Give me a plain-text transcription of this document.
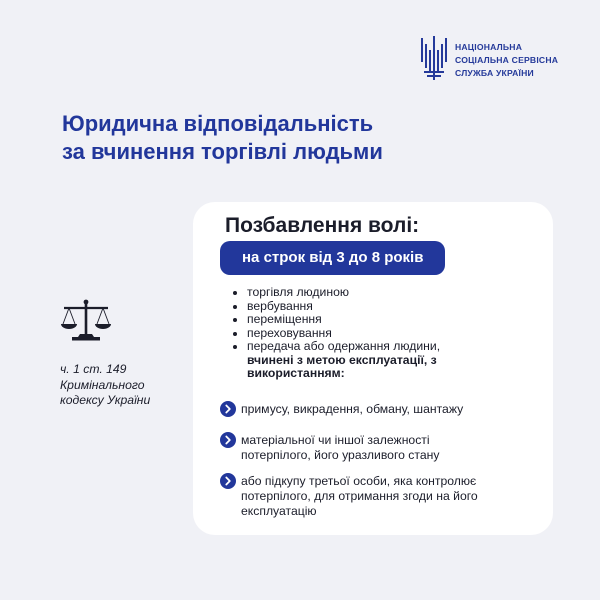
НАЦІОНАЛЬНА
СОЦІАЛЬНА СЕРВІСНА
СЛУЖБА УКРАЇНИ
Юридична відповідальність
за вчинення торгівлі людьми
ч. 1 ст. 149
Кримінального
кодексу України
Позбавлення волі:
на строк від 3 до 8 років
• торгівля людиною
• вербування
• переміщення
• переховування
• передача або одержання людини,
вчинені з метою експлуатації, з
використанням:
примусу, викрадення, обману, шантажу
матеріальної чи іншої залежності
потерпілого, його уразливого стану
або підкупу третьої особи, яка контролює
потерпілого, для отримання згоди на його
експлуатацію
